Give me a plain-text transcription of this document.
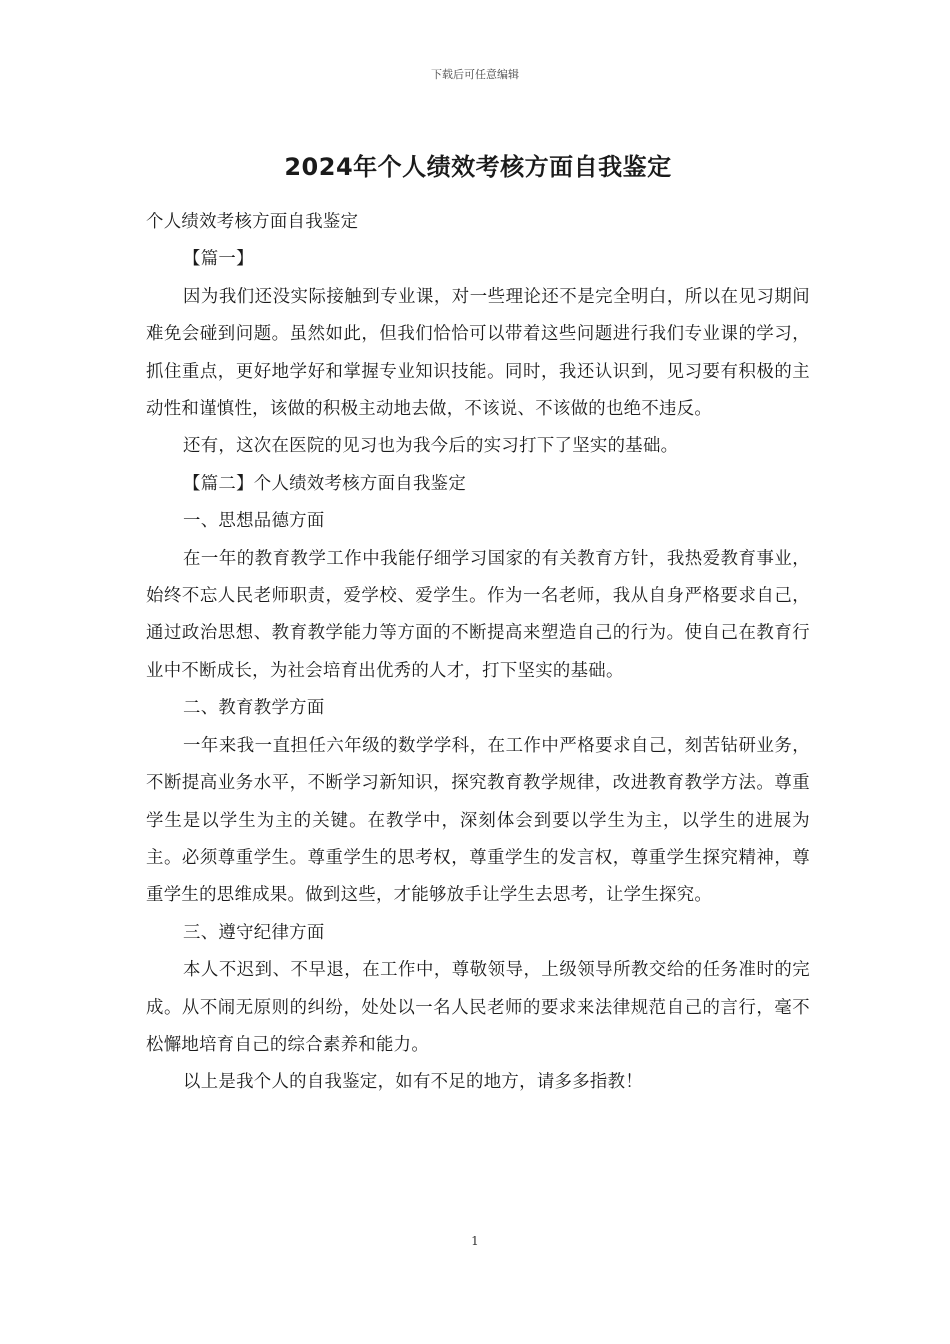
下载后可任意编辑
2024年个人绩效考核方面自我鉴定

个人绩效考核方面自我鉴定

【篇一】

因为我们还没实际接触到专业课，对一些理论还不是完全明白，所以在见习期间难免会碰到问题。虽然如此，但我们恰恰可以带着这些问题进行我们专业课的学习，抓住重点，更好地学好和掌握专业知识技能。同时，我还认识到，见习要有积极的主动性和谨慎性，该做的积极主动地去做，不该说、不该做的也绝不违反。

还有，这次在医院的见习也为我今后的实习打下了坚实的基础。

【篇二】个人绩效考核方面自我鉴定

一、思想品德方面

在一年的教育教学工作中我能仔细学习国家的有关教育方针，我热爱教育事业，始终不忘人民老师职责，爱学校、爱学生。作为一名老师，我从自身严格要求自己，通过政治思想、教育教学能力等方面的不断提高来塑造自己的行为。使自己在教育行业中不断成长，为社会培育出优秀的人才，打下坚实的基础。

二、教育教学方面

一年来我一直担任六年级的数学学科，在工作中严格要求自己，刻苦钻研业务，不断提高业务水平，不断学习新知识，探究教育教学规律，改进教育教学方法。尊重学生是以学生为主的关键。在教学中，深刻体会到要以学生为主，以学生的进展为主。必须尊重学生。尊重学生的思考权，尊重学生的发言权，尊重学生探究精神，尊重学生的思维成果。做到这些，才能够放手让学生去思考，让学生探究。

三、遵守纪律方面

本人不迟到、不早退，在工作中，尊敬领导，上级领导所教交给的任务准时的完成。从不闹无原则的纠纷，处处以一名人民老师的要求来法律规范自己的言行，毫不松懈地培育自己的综合素养和能力。

以上是我个人的自我鉴定，如有不足的地方，请多多指教！

1
